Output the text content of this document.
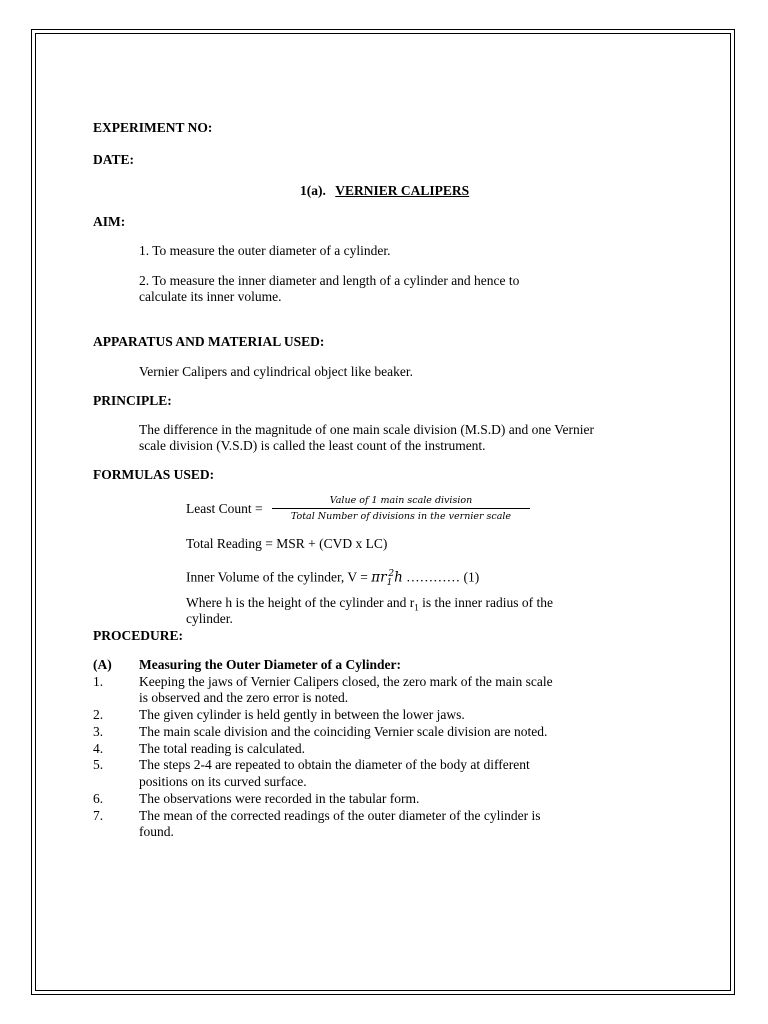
EXPERIMENT NO:
DATE:
1(a). VERNIER CALIPERS
AIM:
1. To measure the outer diameter of a cylinder.
2. To measure the inner diameter and length of a cylinder and hence to
calculate its inner volume.
APPARATUS AND MATERIAL USED:
Vernier Calipers and cylindrical object like beaker.
PRINCIPLE:
The difference in the magnitude of one main scale division (M.S.D) and one Vernier
scale division (V.S.D) is called the least count of the instrument.
FORMULAS USED:
Least Count =
Value of 1 main scale division
Total Number of divisions in the vernier scale
Total Reading = MSR + (CVD x LC)
Inner Volume of the cylinder, $V = \pi r_1^2h$ ………… (1)
Where h is the height of the cylinder and $r_1$ is the inner radius of the
cylinder.
PROCEDURE:
(A) Measuring the Outer Diameter of a Cylinder:
1.	Keeping the jaws of Vernier Calipers closed, the zero mark of the main scale
is observed and the zero error is noted.
2.	The given cylinder is held gently in between the lower jaws.
3.	The main scale division and the coinciding Vernier scale division are noted.
4.	The total reading is calculated.
5.	The steps 2-4 are repeated to obtain the diameter of the body at different
positions on its curved surface.
6.	The observations were recorded in the tabular form.
7.	The mean of the corrected readings of the outer diameter of the cylinder is
found.
